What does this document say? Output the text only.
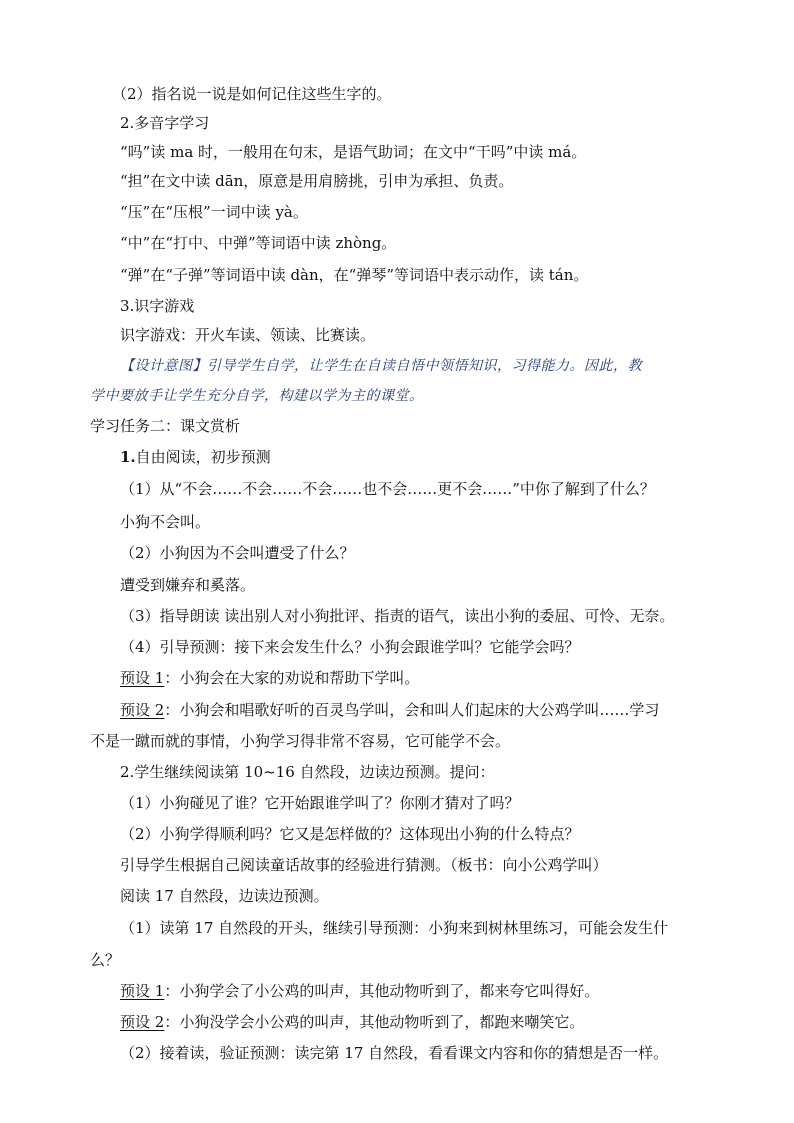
（2）指名说一说是如何记住这些生字的。
2.多音字学习
“吗”读 ma 时，一般用在句末，是语气助词；在文中“干吗”中读 má。
“担”在文中读 dān，原意是用肩膀挑，引申为承担、负责。
“压”在“压根”一词中读 yà。
“中”在“打中、中弹”等词语中读 zhòng。
“弹”在“子弹”等词语中读 dàn，在“弹琴”等词语中表示动作，读 tán。
3.识字游戏
识字游戏：开火车读、领读、比赛读。
【设计意图】引导学生自学，让学生在自读自悟中领悟知识，习得能力。因此，教
学中要放手让学生充分自学，构建以学为主的课堂。
学习任务二：课文赏析
1.自由阅读，初步预测
（1）从“不会……不会……不会……也不会……更不会……”中你了解到了什么？
小狗不会叫。
（2）小狗因为不会叫遭受了什么？
遭受到嫌弃和奚落。
（3）指导朗读 读出别人对小狗批评、指责的语气，读出小狗的委屈、可怜、无奈。
（4）引导预测：接下来会发生什么？小狗会跟谁学叫？它能学会吗？
预设 1：小狗会在大家的劝说和帮助下学叫。
预设 2：小狗会和唱歌好听的百灵鸟学叫，会和叫人们起床的大公鸡学叫……学习
不是一蹴而就的事情，小狗学习得非常不容易，它可能学不会。
2.学生继续阅读第 10~16 自然段，边读边预测。提问：
（1）小狗碰见了谁？它开始跟谁学叫了？你刚才猜对了吗？
（2）小狗学得顺利吗？它又是怎样做的？这体现出小狗的什么特点？
引导学生根据自己阅读童话故事的经验进行猜测。（板书：向小公鸡学叫）
阅读 17 自然段，边读边预测。
（1）读第 17 自然段的开头，继续引导预测：小狗来到树林里练习，可能会发生什
么？
预设 1：小狗学会了小公鸡的叫声，其他动物听到了，都来夸它叫得好。
预设 2：小狗没学会小公鸡的叫声，其他动物听到了，都跑来嘲笑它。
（2）接着读，验证预测：读完第 17 自然段，看看课文内容和你的猜想是否一样。
